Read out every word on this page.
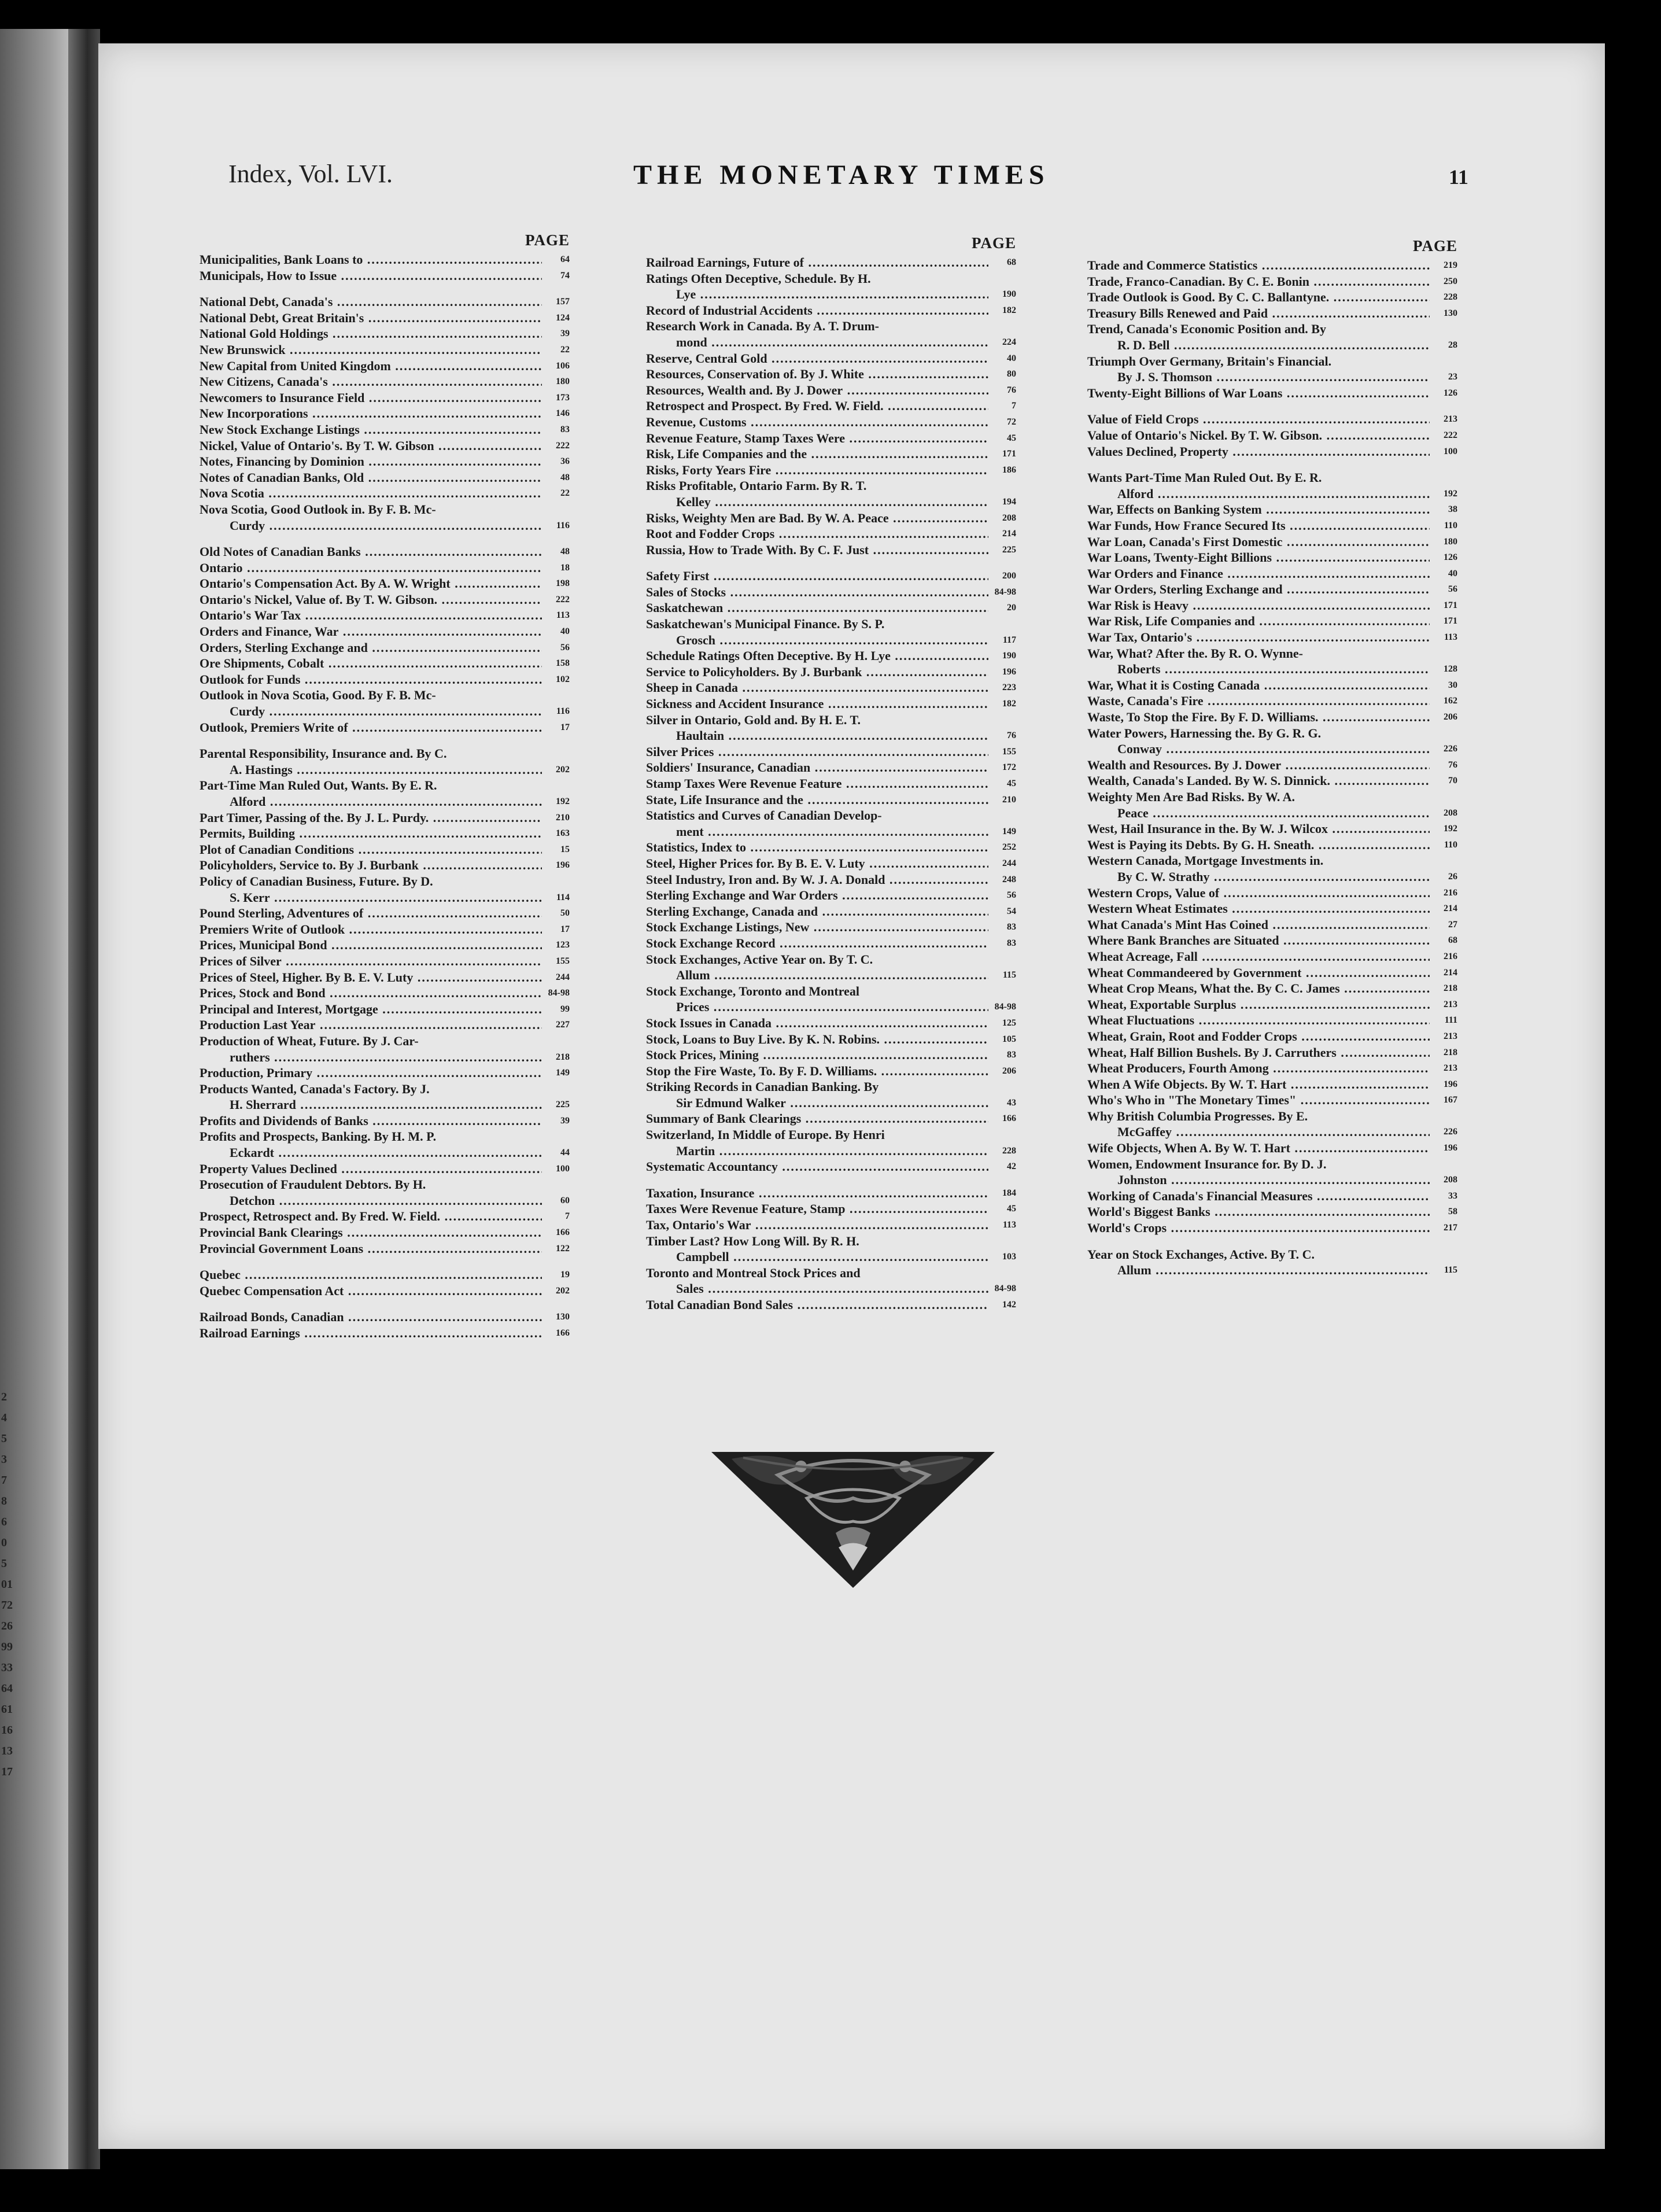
2
4
5
3
7
8
6
0
5
01
72
26
99
33
64
61
16
13
17
Index, Vol. LVI.	THE MONETARY TIMES	11
PAGE
Municipalities, Bank Loans to .....	64
Municipals, How to Issue .....	74
National Debt, Canada's .....	157
National Debt, Great Britain's .....	124
National Gold Holdings .....	39
New Brunswick .....	22
New Capital from United Kingdom .....	106
New Citizens, Canada's .....	180
Newcomers to Insurance Field .....	173
New Incorporations .....	146
New Stock Exchange Listings .....	83
Nickel, Value of Ontario's. By T. W. Gibson .....	222
Notes, Financing by Dominion .....	36
Notes of Canadian Banks, Old .....	48
Nova Scotia .....	22
Nova Scotia, Good Outlook in. By F. B. Mc-
Curdy .....	116
Old Notes of Canadian Banks .....	48
Ontario .....	18
Ontario's Compensation Act. By A. W. Wright .....	198
Ontario's Nickel, Value of. By T. W. Gibson. .....	222
Ontario's War Tax .....	113
Orders and Finance, War .....	40
Orders, Sterling Exchange and .....	56
Ore Shipments, Cobalt .....	158
Outlook for Funds .....	102
Outlook in Nova Scotia, Good. By F. B. Mc-
Curdy .....	116
Outlook, Premiers Write of .....	17
Parental Responsibility, Insurance and. By C.
A. Hastings .....	202
Part-Time Man Ruled Out, Wants. By E. R.
Alford .....	192
Part Timer, Passing of the. By J. L. Purdy. .....	210
Permits, Building .....	163
Plot of Canadian Conditions .....	15
Policyholders, Service to. By J. Burbank .....	196
Policy of Canadian Business, Future. By D.
S. Kerr .....	114
Pound Sterling, Adventures of .....	50
Premiers Write of Outlook .....	17
Prices, Municipal Bond .....	123
Prices of Silver .....	155
Prices of Steel, Higher. By B. E. V. Luty .....	244
Prices, Stock and Bond .....	84-98
Principal and Interest, Mortgage .....	99
Production Last Year .....	227
Production of Wheat, Future. By J. Car-
ruthers .....	218
Production, Primary .....	149
Products Wanted, Canada's Factory. By J.
H. Sherrard .....	225
Profits and Dividends of Banks .....	39
Profits and Prospects, Banking. By H. M. P.
Eckardt .....	44
Property Values Declined .....	100
Prosecution of Fraudulent Debtors. By H.
Detchon .....	60
Prospect, Retrospect and. By Fred. W. Field. .....	7
Provincial Bank Clearings .....	166
Provincial Government Loans .....	122
Quebec .....	19
Quebec Compensation Act .....	202
Railroad Bonds, Canadian .....	130
Railroad Earnings .....	166
PAGE
Railroad Earnings, Future of .....	68
Ratings Often Deceptive, Schedule. By H.
Lye .....	190
Record of Industrial Accidents .....	182
Research Work in Canada. By A. T. Drum-
mond .....	224
Reserve, Central Gold .....	40
Resources, Conservation of. By J. White .....	80
Resources, Wealth and. By J. Dower .....	76
Retrospect and Prospect. By Fred. W. Field. .....	7
Revenue, Customs .....	72
Revenue Feature, Stamp Taxes Were .....	45
Risk, Life Companies and the .....	171
Risks, Forty Years Fire .....	186
Risks Profitable, Ontario Farm. By R. T.
Kelley .....	194
Risks, Weighty Men are Bad. By W. A. Peace .....	208
Root and Fodder Crops .....	214
Russia, How to Trade With. By C. F. Just .....	225
Safety First .....	200
Sales of Stocks .....	84-98
Saskatchewan .....	20
Saskatchewan's Municipal Finance. By S. P.
Grosch .....	117
Schedule Ratings Often Deceptive. By H. Lye .....	190
Service to Policyholders. By J. Burbank .....	196
Sheep in Canada .....	223
Sickness and Accident Insurance .....	182
Silver in Ontario, Gold and. By H. E. T.
Haultain .....	76
Silver Prices .....	155
Soldiers' Insurance, Canadian .....	172
Stamp Taxes Were Revenue Feature .....	45
State, Life Insurance and the .....	210
Statistics and Curves of Canadian Develop-
ment .....	149
Statistics, Index to .....	252
Steel, Higher Prices for. By B. E. V. Luty .....	244
Steel Industry, Iron and. By W. J. A. Donald .....	248
Sterling Exchange and War Orders .....	56
Sterling Exchange, Canada and .....	54
Stock Exchange Listings, New .....	83
Stock Exchange Record .....	83
Stock Exchanges, Active Year on. By T. C.
Allum .....	115
Stock Exchange, Toronto and Montreal
Prices .....	84-98
Stock Issues in Canada .....	125
Stock, Loans to Buy Live. By K. N. Robins. .....	105
Stock Prices, Mining .....	83
Stop the Fire Waste, To. By F. D. Williams. .....	206
Striking Records in Canadian Banking. By
Sir Edmund Walker .....	43
Summary of Bank Clearings .....	166
Switzerland, In Middle of Europe. By Henri
Martin .....	228
Systematic Accountancy .....	42
Taxation, Insurance .....	184
Taxes Were Revenue Feature, Stamp .....	45
Tax, Ontario's War .....	113
Timber Last? How Long Will. By R. H.
Campbell .....	103
Toronto and Montreal Stock Prices and
Sales .....	84-98
Total Canadian Bond Sales .....	142
PAGE
Trade and Commerce Statistics .....	219
Trade, Franco-Canadian. By C. E. Bonin .....	250
Trade Outlook is Good. By C. C. Ballantyne. .....	228
Treasury Bills Renewed and Paid .....	130
Trend, Canada's Economic Position and. By
R. D. Bell .....	28
Triumph Over Germany, Britain's Financial.
By J. S. Thomson .....	23
Twenty-Eight Billions of War Loans .....	126
Value of Field Crops .....	213
Value of Ontario's Nickel. By T. W. Gibson. .....	222
Values Declined, Property .....	100
Wants Part-Time Man Ruled Out. By E. R.
Alford .....	192
War, Effects on Banking System .....	38
War Funds, How France Secured Its .....	110
War Loan, Canada's First Domestic .....	180
War Loans, Twenty-Eight Billions .....	126
War Orders and Finance .....	40
War Orders, Sterling Exchange and .....	56
War Risk is Heavy .....	171
War Risk, Life Companies and .....	171
War Tax, Ontario's .....	113
War, What? After the. By R. O. Wynne-
Roberts .....	128
War, What it is Costing Canada .....	30
Waste, Canada's Fire .....	162
Waste, To Stop the Fire. By F. D. Williams. .....	206
Water Powers, Harnessing the. By G. R. G.
Conway .....	226
Wealth and Resources. By J. Dower .....	76
Wealth, Canada's Landed. By W. S. Dinnick. .....	70
Weighty Men Are Bad Risks. By W. A.
Peace .....	208
West, Hail Insurance in the. By W. J. Wilcox .....	192
West is Paying its Debts. By G. H. Sneath. .....	110
Western Canada, Mortgage Investments in.
By C. W. Strathy .....	26
Western Crops, Value of .....	216
Western Wheat Estimates .....	214
What Canada's Mint Has Coined .....	27
Where Bank Branches are Situated .....	68
Wheat Acreage, Fall .....	216
Wheat Commandeered by Government .....	214
Wheat Crop Means, What the. By C. C. James .....	218
Wheat, Exportable Surplus .....	213
Wheat Fluctuations .....	111
Wheat, Grain, Root and Fodder Crops .....	213
Wheat, Half Billion Bushels. By J. Carruthers .....	218
Wheat Producers, Fourth Among .....	213
When A Wife Objects. By W. T. Hart .....	196
Who's Who in "The Monetary Times" .....	167
Why British Columbia Progresses. By E.
McGaffey .....	226
Wife Objects, When A. By W. T. Hart .....	196
Women, Endowment Insurance for. By D. J.
Johnston .....	208
Working of Canada's Financial Measures .....	33
World's Biggest Banks .....	58
World's Crops .....	217
Year on Stock Exchanges, Active. By T. C.
Allum .....	115
